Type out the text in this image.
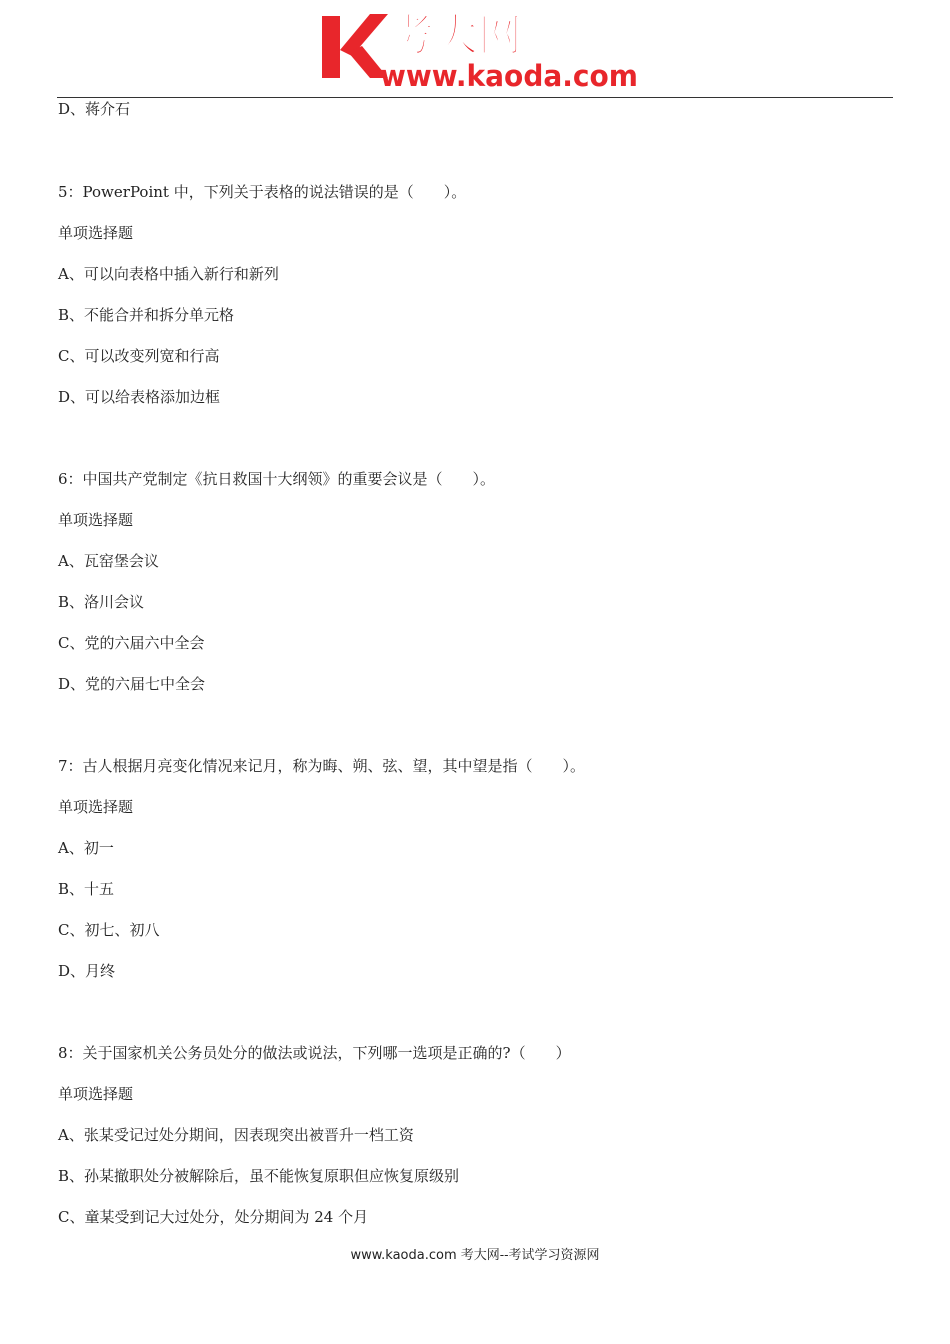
考大网
www.kaoda.com

D、蒋介石

5：PowerPoint 中，下列关于表格的说法错误的是（　　）。

单项选择题

A、可以向表格中插入新行和新列

B、不能合并和拆分单元格

C、可以改变列宽和行高

D、可以给表格添加边框

6：中国共产党制定《抗日救国十大纲领》的重要会议是（　　）。

单项选择题

A、瓦窑堡会议

B、洛川会议

C、党的六届六中全会

D、党的六届七中全会

7：古人根据月亮变化情况来记月，称为晦、朔、弦、望，其中望是指（　　）。

单项选择题

A、初一

B、十五

C、初七、初八

D、月终

8：关于国家机关公务员处分的做法或说法，下列哪一选项是正确的?（　　）

单项选择题

A、张某受记过处分期间，因表现突出被晋升一档工资

B、孙某撤职处分被解除后，虽不能恢复原职但应恢复原级别

C、童某受到记大过处分，处分期间为 24 个月

www.kaoda.com 考大网--考试学习资源网
